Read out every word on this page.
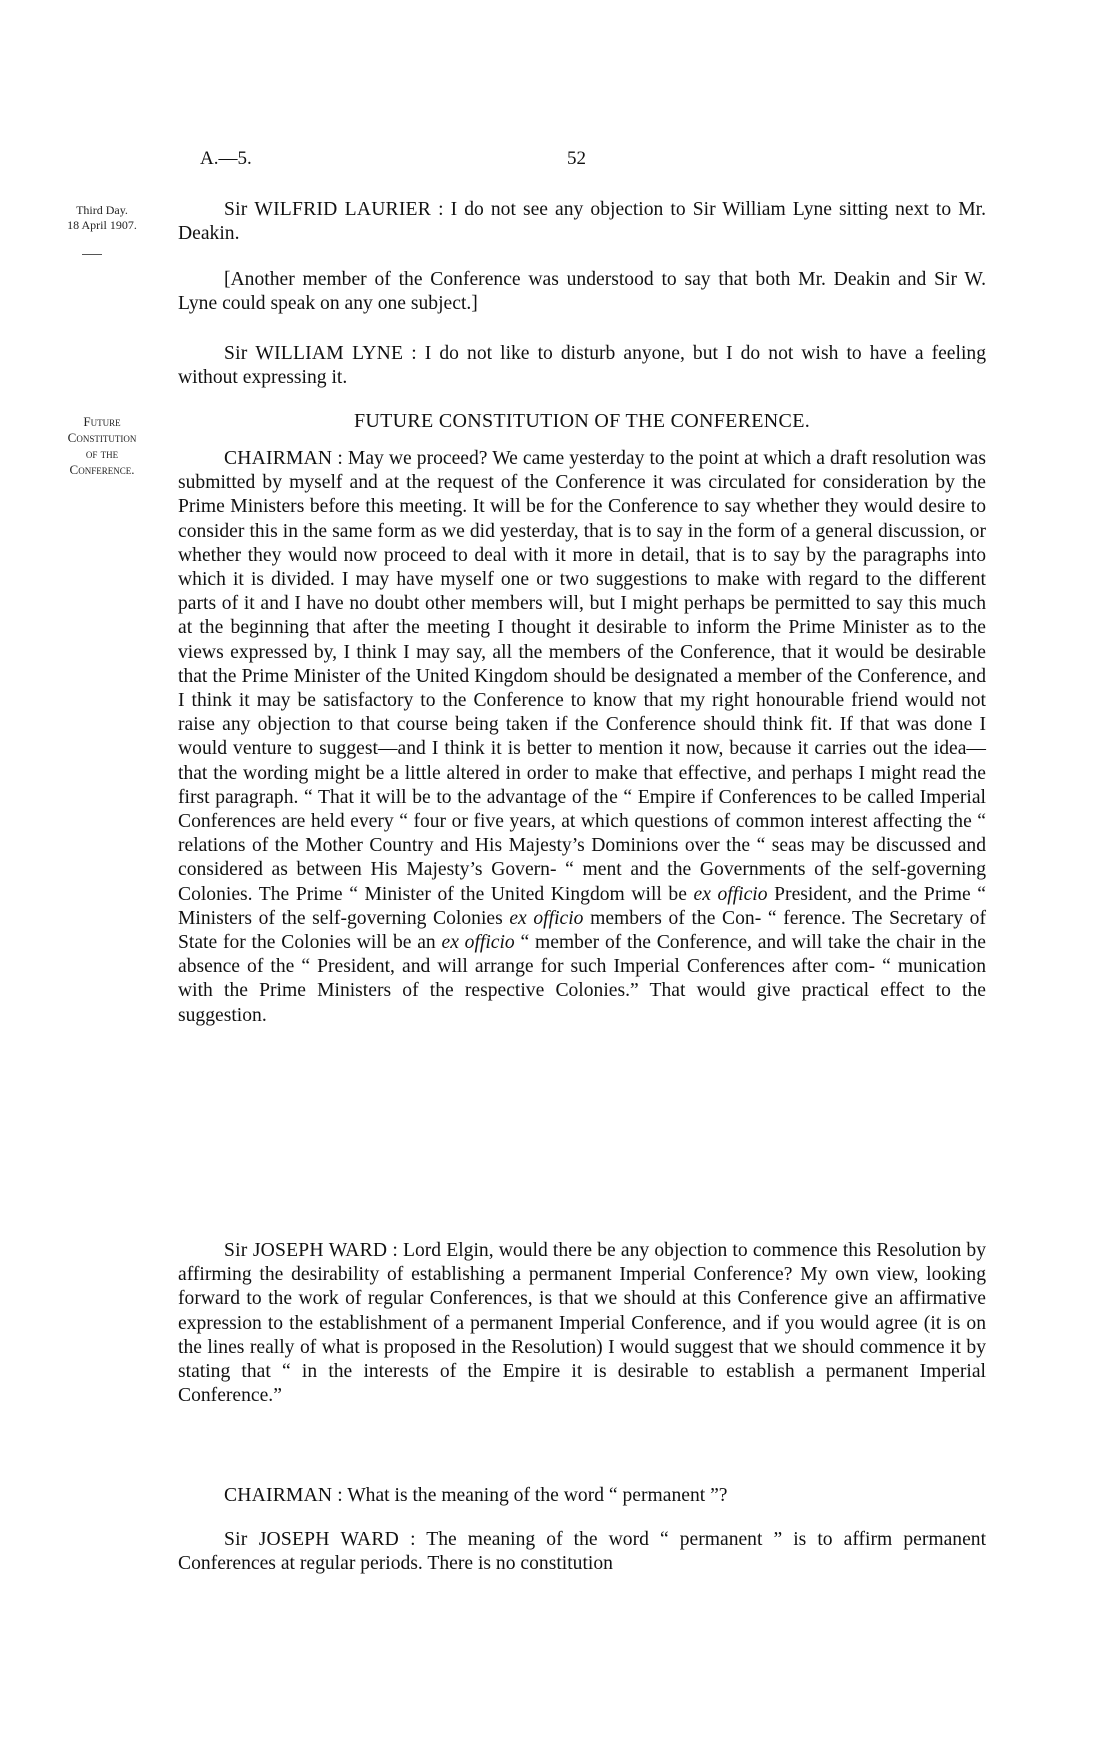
A.—5.	52
Third Day.
18 April 1907.
Future
Constitution
of the
Conference.

Sir WILFRID LAURIER : I do not see any objection to Sir William Lyne sitting next to Mr. Deakin.

[Another member of the Conference was understood to say that both Mr. Deakin and Sir W. Lyne could speak on any one subject.]

Sir WILLIAM LYNE : I do not like to disturb anyone, but I do not wish to have a feeling without expressing it.

FUTURE CONSTITUTION OF THE CONFERENCE.

CHAIRMAN : May we proceed? We came yesterday to the point at which a draft resolution was submitted by myself and at the request of the Conference it was circulated for consideration by the Prime Ministers before this meeting. It will be for the Conference to say whether they would desire to consider this in the same form as we did yesterday, that is to say in the form of a general discussion, or whether they would now proceed to deal with it more in detail, that is to say by the paragraphs into which it is divided. I may have myself one or two suggestions to make with regard to the different parts of it and I have no doubt other members will, but I might perhaps be permitted to say this much at the beginning that after the meeting I thought it desirable to inform the Prime Minister as to the views expressed by, I think I may say, all the members of the Conference, that it would be desirable that the Prime Minister of the United Kingdom should be designated a member of the Conference, and I think it may be satisfactory to the Conference to know that my right honourable friend would not raise any objection to that course being taken if the Conference should think fit. If that was done I would venture to suggest—and I think it is better to mention it now, because it carries out the idea—that the wording might be a little altered in order to make that effective, and perhaps I might read the first paragraph. “ That it will be to the advantage of the “ Empire if Conferences to be called Imperial Conferences are held every “ four or five years, at which questions of common interest affecting the “ relations of the Mother Country and His Majesty’s Dominions over the “ seas may be discussed and considered as between His Majesty’s Govern- “ ment and the Governments of the self-governing Colonies. The Prime “ Minister of the United Kingdom will be ex officio President, and the Prime “ Ministers of the self-governing Colonies ex officio members of the Con- “ ference. The Secretary of State for the Colonies will be an ex officio “ member of the Conference, and will take the chair in the absence of the “ President, and will arrange for such Imperial Conferences after com- “ munication with the Prime Ministers of the respective Colonies.” That would give practical effect to the suggestion.

Sir JOSEPH WARD : Lord Elgin, would there be any objection to commence this Resolution by affirming the desirability of establishing a permanent Imperial Conference? My own view, looking forward to the work of regular Conferences, is that we should at this Conference give an affirmative expression to the establishment of a permanent Imperial Conference, and if you would agree (it is on the lines really of what is proposed in the Resolution) I would suggest that we should commence it by stating that “ in the interests of the Empire it is desirable to establish a permanent Imperial Conference.”

CHAIRMAN : What is the meaning of the word “ permanent ”?

Sir JOSEPH WARD : The meaning of the word “ permanent ” is to affirm permanent Conferences at regular periods. There is no constitution
